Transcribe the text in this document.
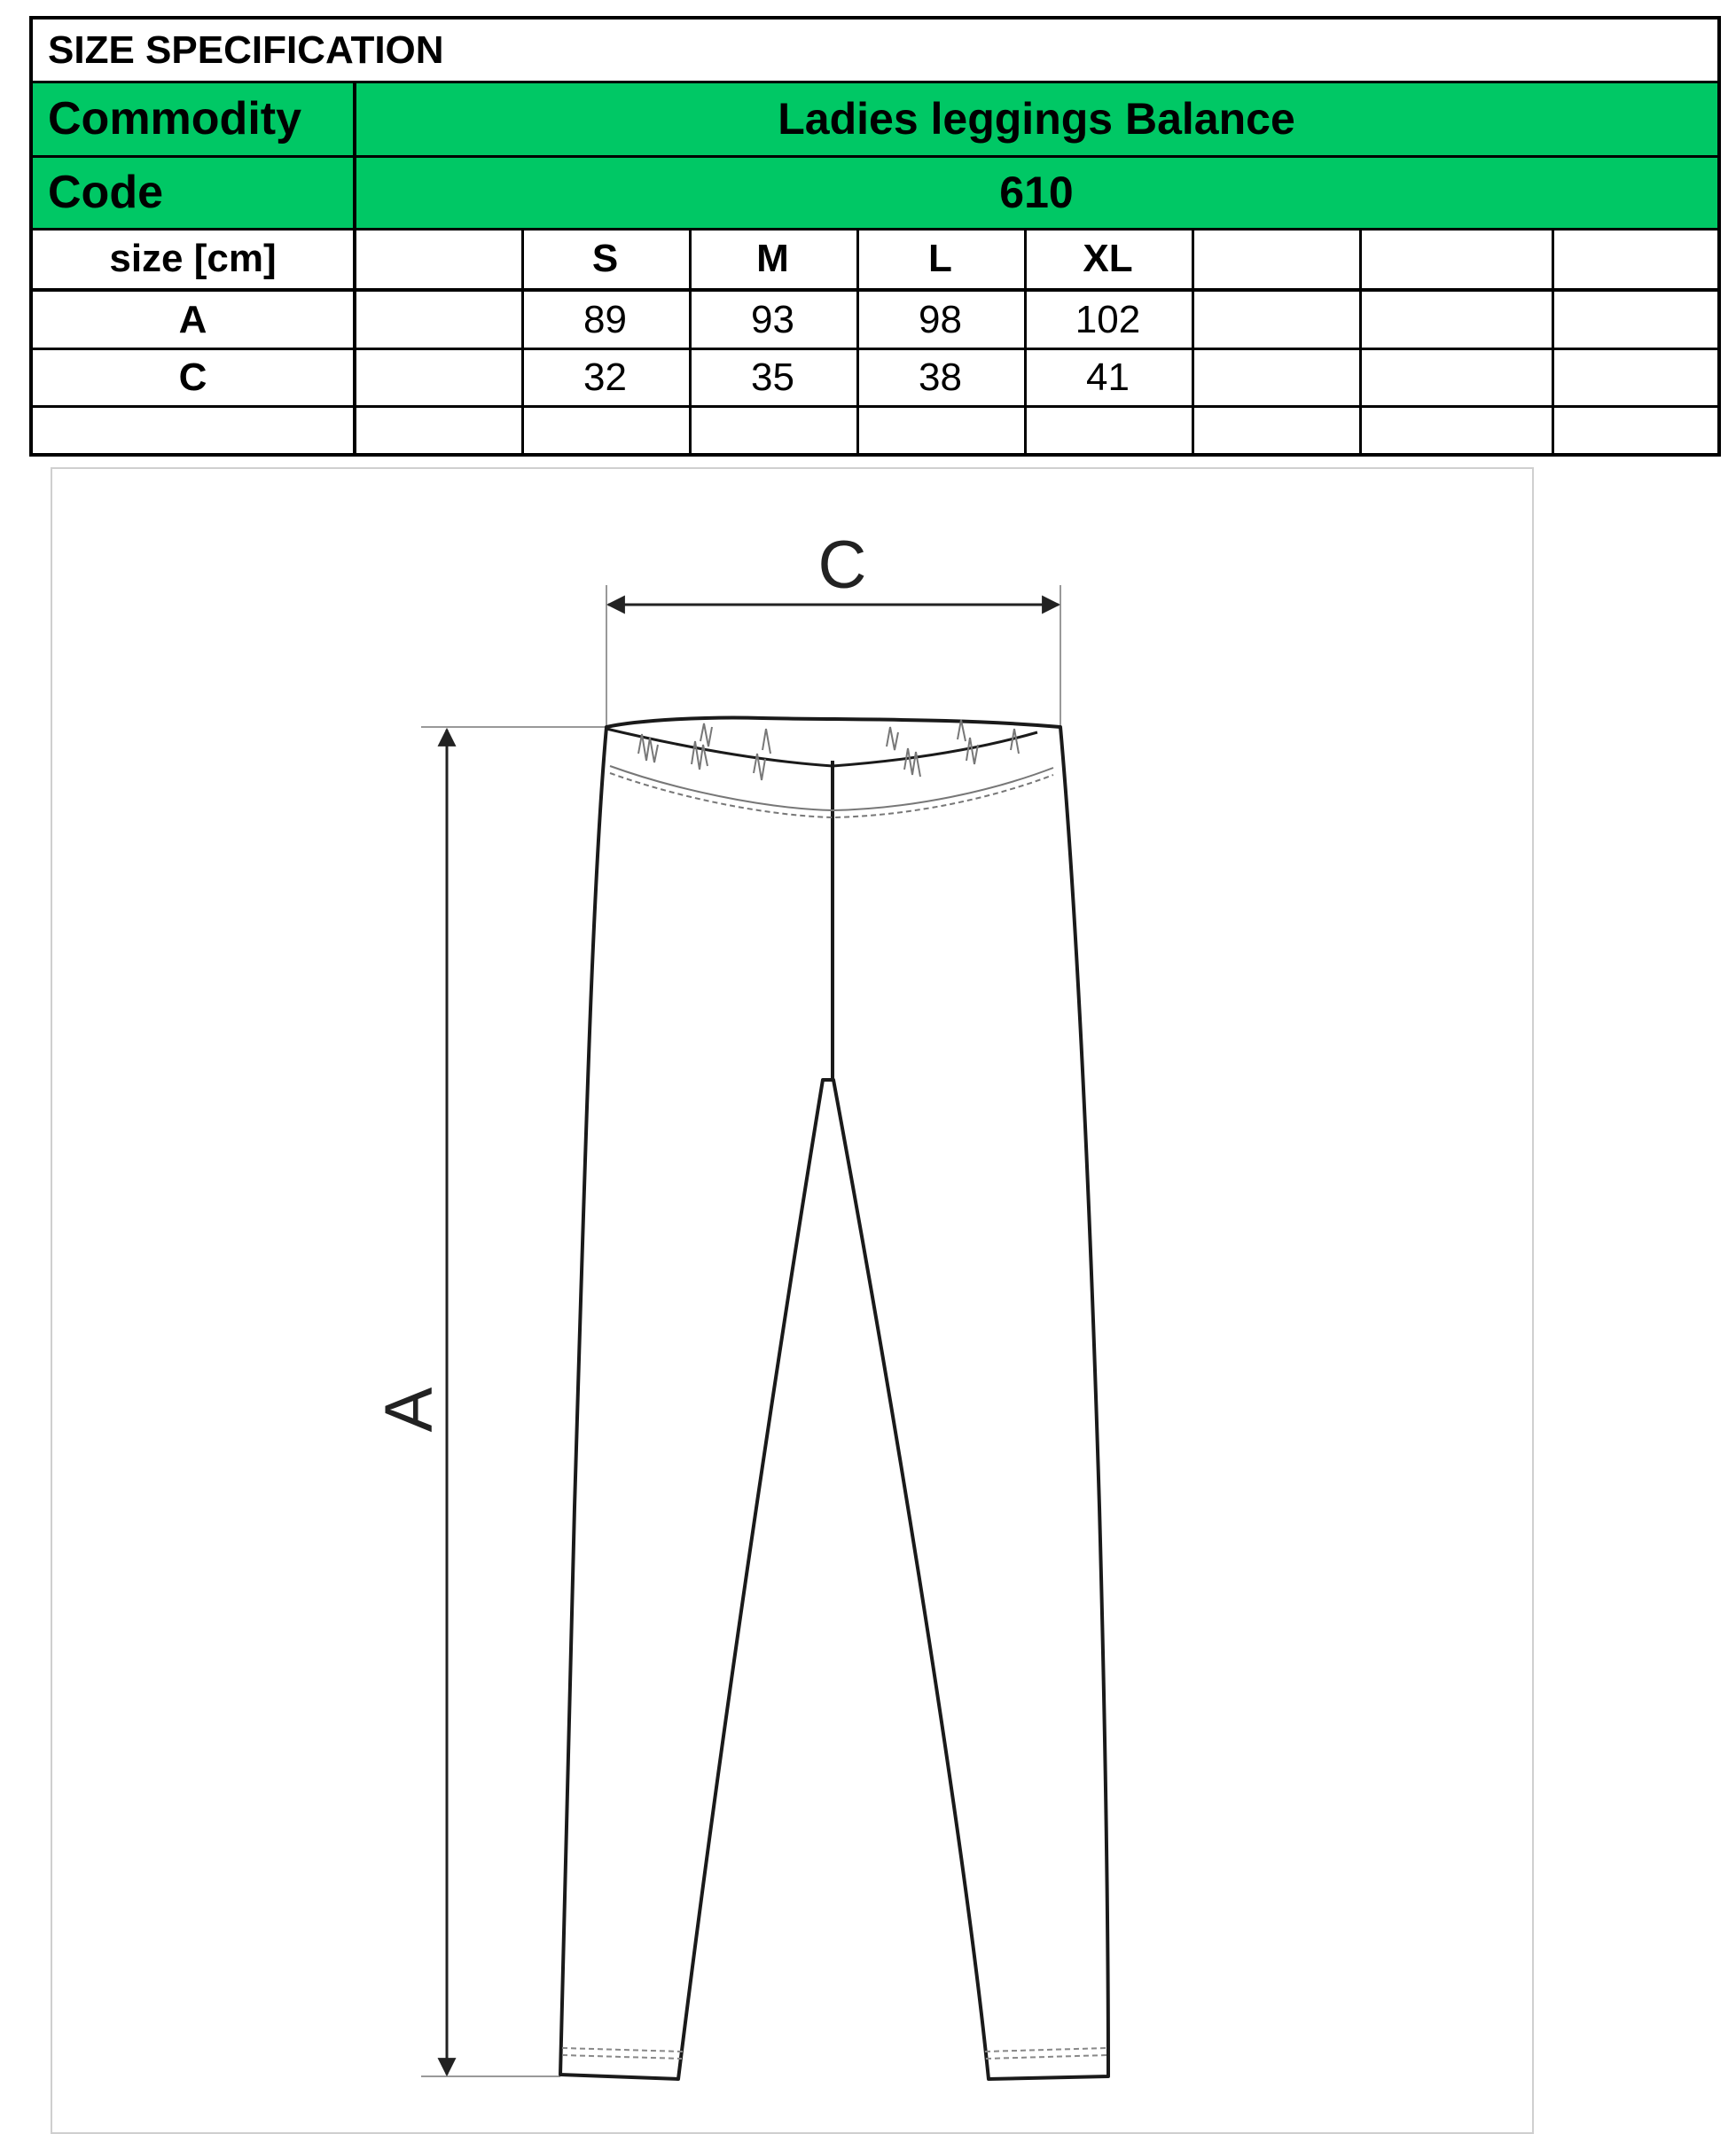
SIZE SPECIFICATION
Commodity	Ladies leggings Balance
Code	610
size [cm]	S	M	L	XL
A	89	93	98	102
C	32	35	38	41
C
A
